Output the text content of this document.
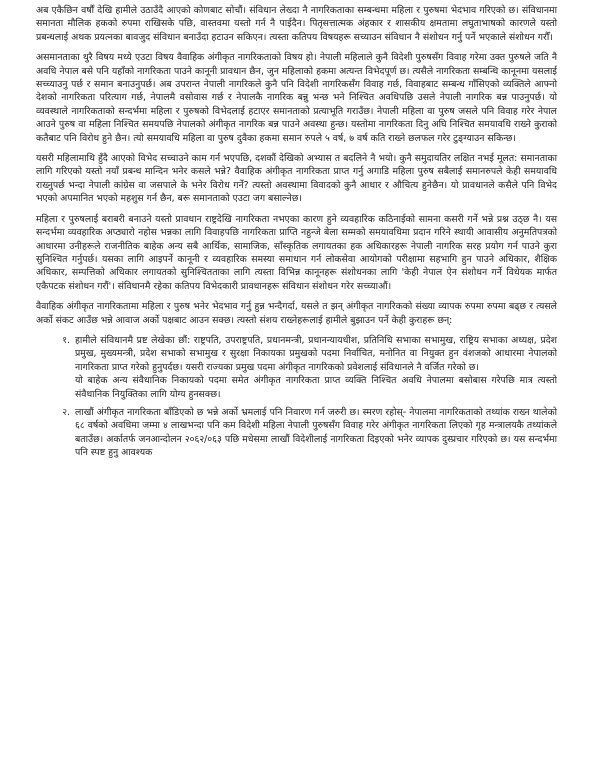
अब एकैछिन वर्षौं देखि हामीले उठाउँदै आएको कोणबाट सोचौं। संविधान लेख्दा नै नागरिकताका सम्बन्धमा महिला र पुरुषमा भेदभाव गरिएको छ। संविधानमा समानता मौलिक हकको रुपमा राखिसके पछि, वास्तवमा यस्तो गर्न नै पाईदैन। पितृसत्तात्मक अंहकार र शासकीय क्षमतामा लघुताभाषको कारणले यस्तो प्रबन्धलाई अथक प्रयत्नका बावजुद संविधान बनाउँदा हटाउन सकिएन। त्यस्ता कतिपय विषयहरू सच्याउन संविधान नै संशोधन गर्नु पर्ने भएकाले संशोधन गरौँ।

असमानताका थुरै विषय मध्ये एउटा विषय वैवाहिक अंगीकृत नागरिकताको विषय हो। नेपाली महिलाले कुनै विदेशी पुरुषसँग विवाह गरेमा उक्त पुरुषले जति नै अवधि नेपाल बसे पनि यहाँको नागरिकता पाउने कानूनी प्रावधान छैन, जुन महिलाको हकमा अत्यन्त विभेदपूर्ण छ। त्यसैले नागरिकता सम्बन्धि कानूनमा यसलाई सच्च्याउनु पर्छ र समान बनाउनुपर्छ। अब उपरान्त नेपाली नागरिकले कुनै पनि विदेशी नागरिकसँग विवाह गर्छ, विवाहबाट सम्बन्ध गाँसिएको व्यक्तिले आफ्नो देशको नागरिकता परित्याग गर्छ, नेपालमै वसोवास गर्छ र नेपालकै नागरिक बन्नु भन्छ भने निश्चित अवधिपछि उसले नेपाली नागरिक बन्न पाउनुपर्छ। यो व्यवस्थाले नागरिकताको सन्दर्भमा महिला र पुरुषको विभेदलाई हटाएर समानताको प्रत्याभूति गराउँछ। नेपाली महिला वा पुरुष जसले पनि विवाह गरेर नेपाल आउने पुरुष वा महिला निश्चित समयपछि नेपालको अंगीकृत नागरिक बन्न पाउने अवस्था हुन्छ। यस्तोमा नागरिकता दिनु अघि निश्चित समयावधि राख्ने कुराको कतैबाट पनि विरोध हुने छैन। त्यो समयावधि महिला वा पुरुष दुवैका हकमा समान रुपले ५ वर्ष, ७ वर्ष कति राख्ने छलफल गरेर टुङ्ग्याउन सकिन्छ।

यसरी महिलामाथि हुँदै आएको विभेद सच्चाउने काम गर्न भएपछि, दशकौं देखिको अभ्यास त बदलिने नै भयो। कुनै समुदायतिर लक्षित नभई मूलत: समानताका लागि गरिएको यस्तो नयाँ प्रबन्ध मान्दिन भनेर कसले भन्ने? वैवाहिक अंगीकृत नागरिकता प्राप्त गर्नु अगाडि महिला पुरुष सबैलाई समानरुपले केही समयावधि राख्नुपर्छ भन्दा नेपाली कांग्रेस वा जसपाले के भनेर विरोध गर्ने? त्यस्तो अवस्थामा विवादको कुनै आधार र औचित्य हुनेछैन। यो प्रावधानले कसैले पनि विभेद भएको अपमानित भएको महशुस गर्न छैन, बरू समानताको एउटा जग बसाल्नेछ।

महिला र पुरुषलाई बराबरी बनाउने यस्तो प्रावधान राष्ट्रदेखि नागरिकता नभएका कारण हुने व्यवहारिक कठिनाईको सामना कसरी गर्ने भन्ने प्रश्न उठ्छ नै। यस सन्दर्भमा व्यवहारिक अप्ठ्यारो नहोस भन्नका लागि विवाहपछि नागरिकता प्राप्ति नहुन्जे बेला सम्मको समयावधिमा प्रदान गरिने स्थायी आवासीय अनुमतिपत्रको आधारमा उनीहरूले राजनीतिक बाहेक अन्य सबै आर्थिक, सामाजिक, साँस्कृतिक लगायतका हक अधिकारहरू नेपाली नागरिक सरह प्रयोग गर्न पाउने कुरा सुनिश्चित गर्नुपर्छ। यसका लागि आइपर्ने कानूनी र व्यवहारिक समस्या समाधान गर्न लोकसेवा आयोगको परीक्षामा सहभागि हुन पाउने अधिकार, शैक्षिक अधिकार, सम्पत्तिको अधिकार लगायतको सुनिश्चितताका लागि त्यस्ता विभिन्न कानूनहरू संशोधनका लागि 'केही नेपाल ऐन संशोधन गर्ने विधेयक मार्फत एकैपटक संशोधन गरौं'। संविधानमै रहेका कतिपय विभेदकारी प्रावधानहरू संविधान संशोधन गरेर सच्च्याऔं।

वैवाहिक अंगीकृत नागरिकतामा महिला र पुरुष भनेर भेदभाव गर्नु हुन्न भन्दैगर्दा, यसले त झन् अंगीकृत नागरिकको संख्या व्यापक रुपमा रुपमा बढ्छ र त्यसले अर्को संकट आउँछ भन्ने आवाज अर्को पक्षबाट आउन सक्छ। त्यस्तो संशय राख्नेहरूलाई हामीले बुझाउन पर्ने केही कुराहरू छन्:

१. हामीले संविधानमै प्रष्ट लेखेका छौं: राष्ट्रपति, उपराष्ट्रपति, प्रधानमन्त्री, प्रधानन्यायधीश, प्रतिनिधि सभाका सभामुख, राष्ट्रिय सभाका अध्यक्ष, प्रदेश प्रमुख, मुख्यमन्त्री, प्रदेश सभाको सभामुख र सुरक्षा निकायका प्रमुखको पदमा निर्वाचित, मनोनित वा नियुक्त हुन वंशजको आधारमा नेपालको नागरिकता प्राप्त गरेको हुनुपर्दछ। यसरी राज्यका प्रमुख पदमा अंगीकृत नागरिकको प्रवेशलाई संविधानले नै वर्जित गरेको छ।

यो बाहेक अन्य संवैधानिक निकायको पदमा समेत अंगीकृत नागरिकता प्राप्त व्यक्ति निश्चित अवधि नेपालमा बसोबास गरेपछि मात्र त्यस्तो संवैधानिक नियुक्तिका लागि योग्य हुनसक्छ।

२. लाखौं अंगीकृत नागरिकता बाँडिएको छ भन्ने अर्को भ्रमलाई पनि निवारण गर्न जरुरी छ। स्मरण रहोस्- नेपालमा नागरिकताको तथ्यांक राख्न थालेको ६८ वर्षको अवधिमा जम्मा ४ लाखभन्दा पनि कम विदेशी महिला नेपाली पुरुषसँग विवाह गरेर अंगीकृत नागरिकता लिएको गृह मन्त्रालयकै तथ्यांकले बताउँछ। अर्कातर्फ जनआन्दोलन २०६२/०६३ पछि मधेसमा लाखौं विदेशीलाई नागरिकता दिइएको भनेर व्यापक दुस्प्रचार गरिएको छ। यस सन्दर्भमा पनि स्पष्ट हुनु आवश्यक
